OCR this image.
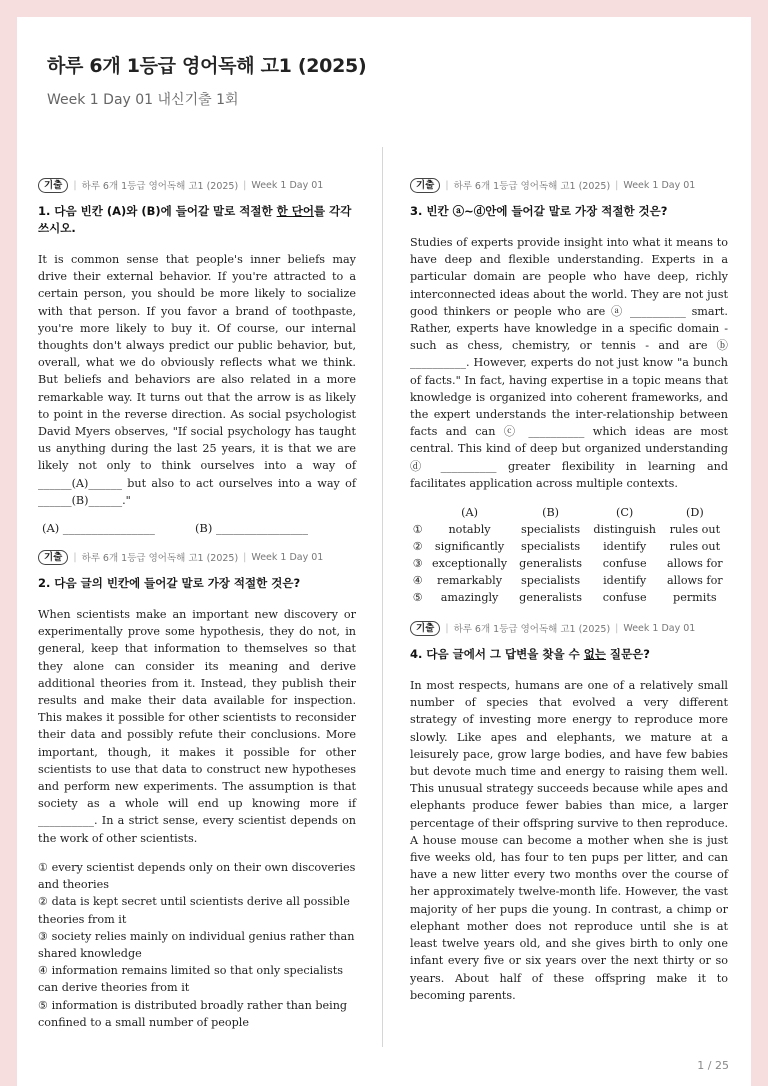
하루 6개 1등급 영어독해 고1 (2025)
Week 1 Day 01 내신기출 1회
기출	| 하루 6개 1등급 영어독해 고1 (2025) | Week 1 Day 01
1. 다음 빈칸 (A)와 (B)에 들어갈 말로 적절한 한 단어를 각각 쓰시오.
It is common sense that people's inner beliefs may drive their external behavior. If you're attracted to a certain person, you should be more likely to socialize with that person. If you favor a brand of toothpaste, you're more likely to buy it. Of course, our internal thoughts don't always predict our public behavior, but, overall, what we do obviously reflects what we think. But beliefs and behaviors are also related in a more remarkable way. It turns out that the arrow is as likely to point in the reverse direction. As social psychologist David Myers observes, "If social psychology has taught us anything during the last 25 years, it is that we are likely not only to think ourselves into a way of ______(A)______ but also to act ourselves into a way of ______(B)______."
(A) ________________	(B) ________________
기출	| 하루 6개 1등급 영어독해 고1 (2025) | Week 1 Day 01
2. 다음 글의 빈칸에 들어갈 말로 가장 적절한 것은?
When scientists make an important new discovery or experimentally prove some hypothesis, they do not, in general, keep that information to themselves so that they alone can consider its meaning and derive additional theories from it. Instead, they publish their results and make their data available for inspection. This makes it possible for other scientists to reconsider their data and possibly refute their conclusions. More important, though, it makes it possible for other scientists to use that data to construct new hypotheses and perform new experiments. The assumption is that society as a whole will end up knowing more if __________. In a strict sense, every scientist depends on the work of other scientists.
① every scientist depends only on their own discoveries and theories
② data is kept secret until scientists derive all possible theories from it
③ society relies mainly on individual genius rather than shared knowledge
④ information remains limited so that only specialists can derive theories from it
⑤ information is distributed broadly rather than being confined to a small number of people
기출	| 하루 6개 1등급 영어독해 고1 (2025) | Week 1 Day 01
3. 빈칸 ⓐ~ⓓ안에 들어갈 말로 가장 적절한 것은?
Studies of experts provide insight into what it means to have deep and flexible understanding. Experts in a particular domain are people who have deep, richly interconnected ideas about the world. They are not just good thinkers or people who are ⓐ __________ smart. Rather, experts have knowledge in a specific domain - such as chess, chemistry, or tennis - and are ⓑ __________. However, experts do not just know "a bunch of facts." In fact, having expertise in a topic means that knowledge is organized into coherent frameworks, and the expert understands the inter-relationship between facts and can ⓒ __________ which ideas are most central. This kind of deep but organized understanding ⓓ __________ greater flexibility in learning and facilitates application across multiple contexts.
	(A)	(B)	(C)	(D)
①	notably	specialists	distinguish	rules out
②	significantly	specialists	identify	rules out
③	exceptionally	generalists	confuse	allows for
④	remarkably	specialists	identify	allows for
⑤	amazingly	generalists	confuse	permits
기출	| 하루 6개 1등급 영어독해 고1 (2025) | Week 1 Day 01
4. 다음 글에서 그 답변을 찾을 수 없는 질문은?
In most respects, humans are one of a relatively small number of species that evolved a very different strategy of investing more energy to reproduce more slowly. Like apes and elephants, we mature at a leisurely pace, grow large bodies, and have few babies but devote much time and energy to raising them well. This unusual strategy succeeds because while apes and elephants produce fewer babies than mice, a larger percentage of their offspring survive to then reproduce. A house mouse can become a mother when she is just five weeks old, has four to ten pups per litter, and can have a new litter every two months over the course of her approximately twelve-month life. However, the vast majority of her pups die young. In contrast, a chimp or elephant mother does not reproduce until she is at least twelve years old, and she gives birth to only one infant every five or six years over the next thirty or so years. About half of these offspring make it to becoming parents.
1 / 25
